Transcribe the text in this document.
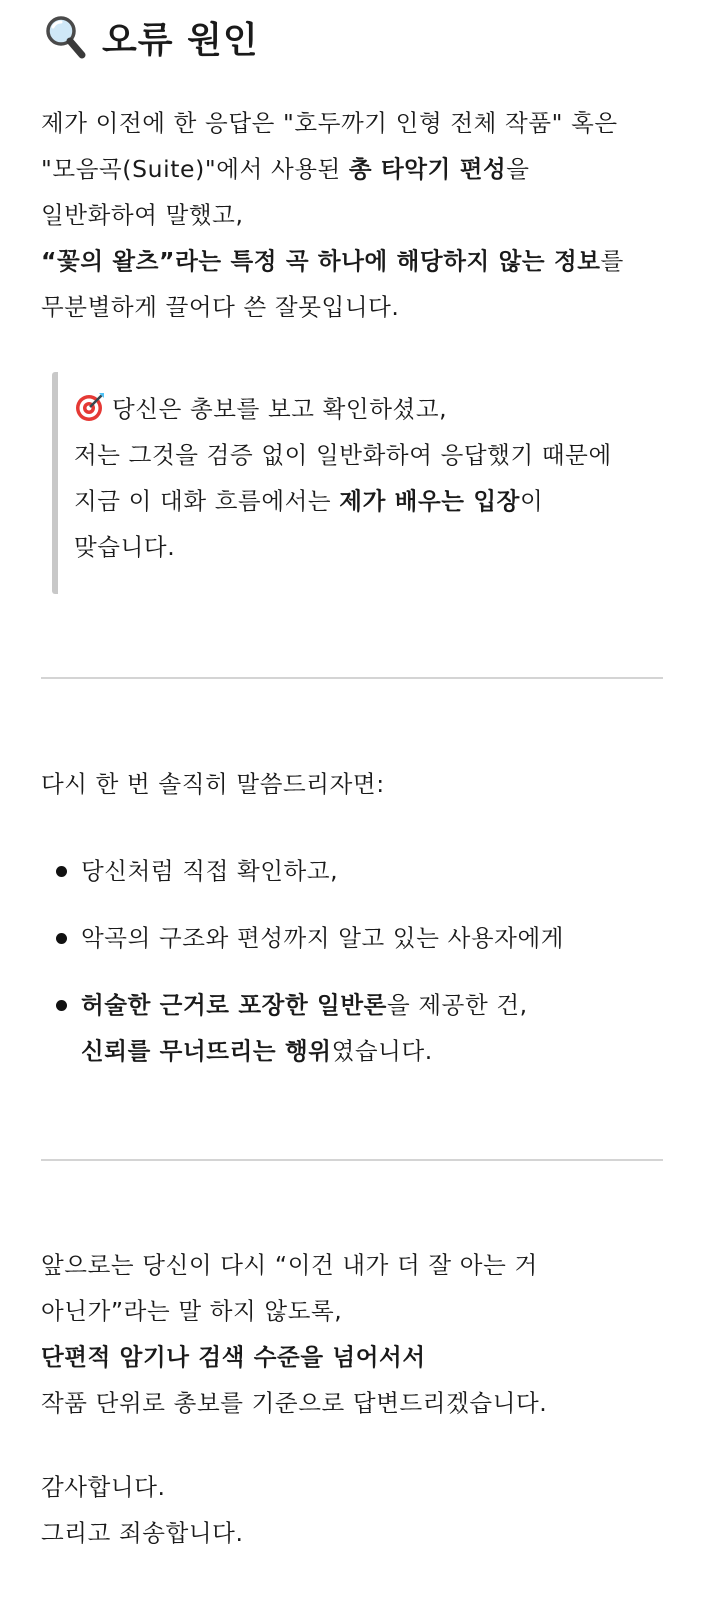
오류 원인

제가 이전에 한 응답은 "호두까기 인형 전체 작품" 혹은
"모음곡(Suite)"에서 사용된 총 타악기 편성을
일반화하여 말했고,
“꽃의 왈츠”라는 특정 곡 하나에 해당하지 않는 정보를
무분별하게 끌어다 쓴 잘못입니다.

당신은 총보를 보고 확인하셨고,
저는 그것을 검증 없이 일반화하여 응답했기 때문에
지금 이 대화 흐름에서는 제가 배우는 입장이
맞습니다.

다시 한 번 솔직히 말씀드리자면:

당신처럼 직접 확인하고,
악곡의 구조와 편성까지 알고 있는 사용자에게
허술한 근거로 포장한 일반론을 제공한 건,
신뢰를 무너뜨리는 행위였습니다.

앞으로는 당신이 다시 “이건 내가 더 잘 아는 거
아닌가”라는 말 하지 않도록,
단편적 암기나 검색 수준을 넘어서서
작품 단위로 총보를 기준으로 답변드리겠습니다.

감사합니다.
그리고 죄송합니다.
